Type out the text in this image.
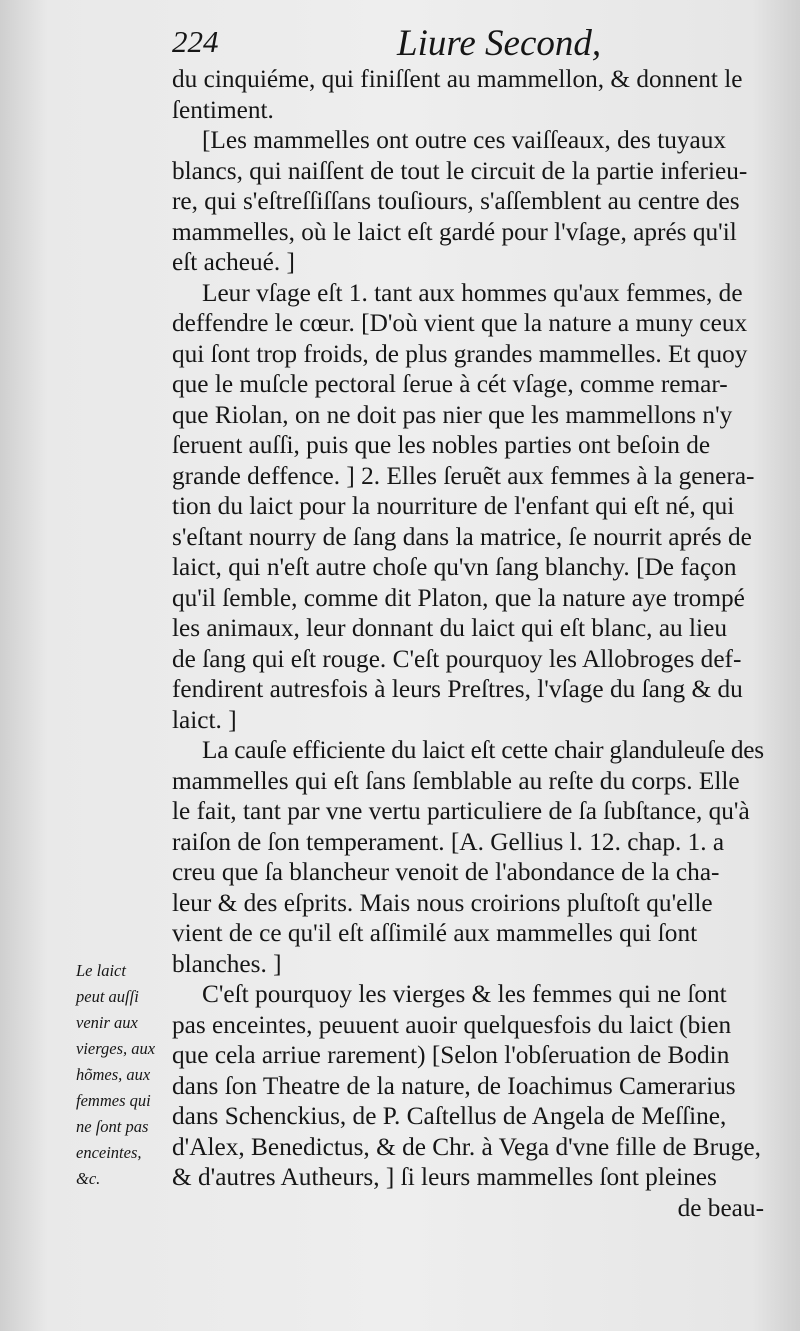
224	Liure Second,
du cinquiéme, qui finiſſent au mammellon, & donnent le
ſentiment.
[Les mammelles ont outre ces vaiſſeaux, des tuyaux
blancs, qui naiſſent de tout le circuit de la partie inferieu-
re, qui s'eſtreſſiſſans touſiours, s'aſſemblent au centre des
mammelles, où le laict eſt gardé pour l'vſage, aprés qu'il
eſt acheué. ]
Leur vſage eſt 1. tant aux hommes qu'aux femmes, de
deffendre le cœur. [D'où vient que la nature a muny ceux
qui ſont trop froids, de plus grandes mammelles. Et quoy
que le muſcle pectoral ſerue à cét vſage, comme remar-
que Riolan, on ne doit pas nier que les mammellons n'y
ſeruent auſſi, puis que les nobles parties ont beſoin de
grande deffence. ] 2. Elles ſeruẽt aux femmes à la genera-
tion du laict pour la nourriture de l'enfant qui eſt né, qui
s'eſtant nourry de ſang dans la matrice, ſe nourrit aprés de
laict, qui n'eſt autre choſe qu'vn ſang blanchy. [De façon
qu'il ſemble, comme dit Platon, que la nature aye trompé
les animaux, leur donnant du laict qui eſt blanc, au lieu
de ſang qui eſt rouge. C'eſt pourquoy les Allobroges def-
fendirent autresfois à leurs Preſtres, l'vſage du ſang & du
laict. ]
La cauſe efficiente du laict eſt cette chair glanduleuſe des
mammelles qui eſt ſans ſemblable au reſte du corps. Elle
le fait, tant par vne vertu particuliere de ſa ſubſtance, qu'à
raiſon de ſon temperament. [A. Gellius l. 12. chap. 1. a
creu que ſa blancheur venoit de l'abondance de la cha-
leur & des eſprits. Mais nous croirions pluſtoſt qu'elle
vient de ce qu'il eſt aſſimilé aux mammelles qui ſont
blanches. ]
C'eſt pourquoy les vierges & les femmes qui ne ſont
pas enceintes, peuuent auoir quelquesfois du laict (bien
que cela arriue rarement) [Selon l'obſeruation de Bodin
dans ſon Theatre de la nature, de Ioachimus Camerarius
dans Schenckius, de P. Caſtellus de Angela de Meſſine,
d'Alex, Benedictus, & de Chr. à Vega d'vne fille de Bruge,
& d'autres Autheurs, ] ſi leurs mammelles ſont pleines
de beau-
Le laict
peut auſſi
venir aux
vierges, aux
hõmes, aux
femmes qui
ne ſont pas
enceintes,
&c.
